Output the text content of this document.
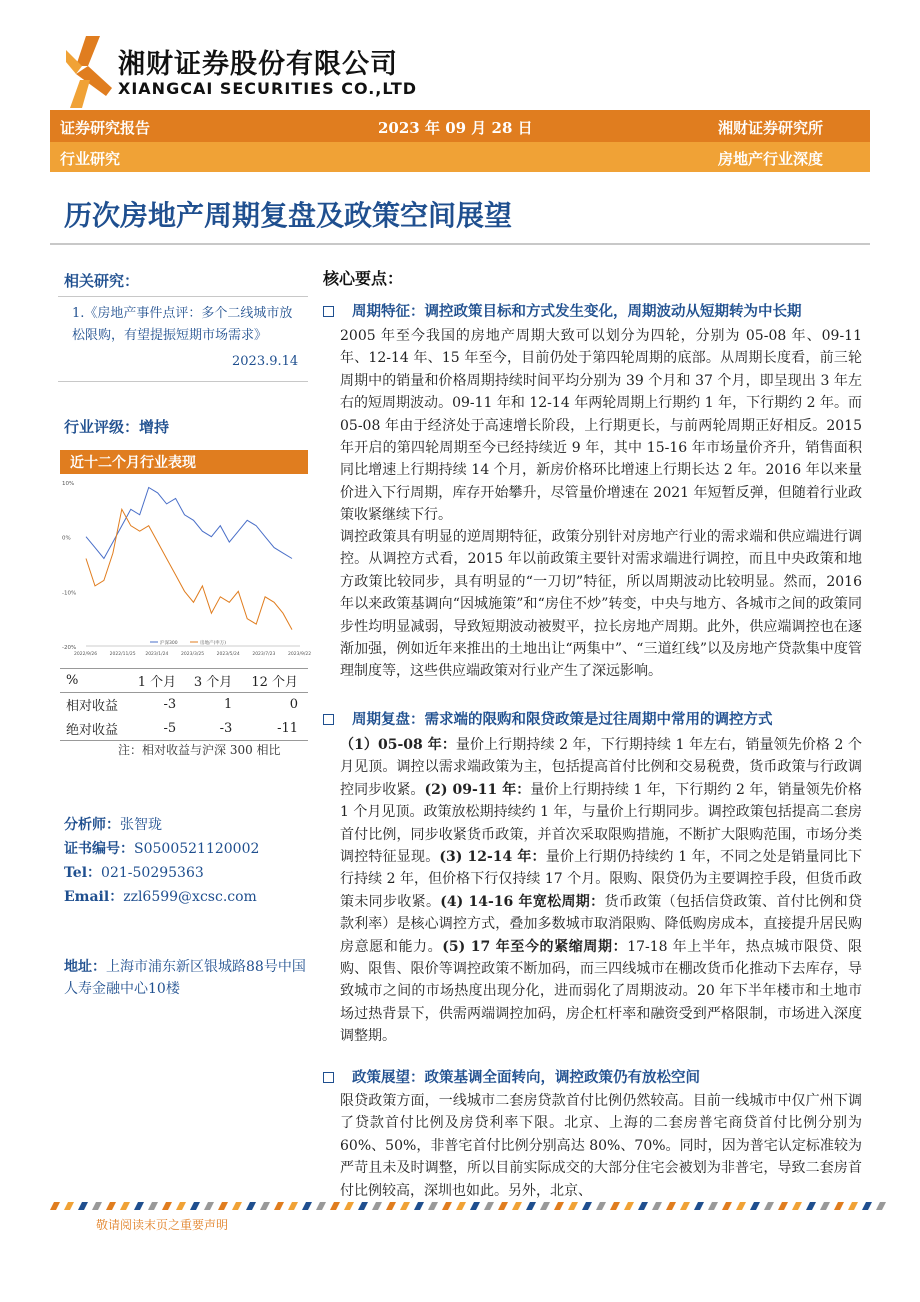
湘财证券股份有限公司
XIANGCAI SECURITIES CO.,LTD
证券研究报告	2023 年 09 月 28 日	湘财证券研究所
行业研究	房地产行业深度
历次房地产周期复盘及政策空间展望
相关研究：
1.《房地产事件点评：多个二线城市放松限购，有望提振短期市场需求》
2023.9.14
行业评级：增持
近十二个月行业表现
10%
0%
-10%
-20%
2022/9/26	2022/11/25 2023/1/24	2023/3/25	2023/5/24	2023/7/23	2023/9/22
沪深300	房地产(申万)
%	1 个月	3 个月	12 个月
相对收益	-3	1	0
绝对收益	-5	-3	-11
注：相对收益与沪深 300 相比
分析师：张智珑
证书编号：S0500521120002
Tel：021-50295363
Email：zzl6599@xcsc.com
地址：上海市浦东新区银城路88号中国人寿金融中心10楼
核心要点：
周期特征：调控政策目标和方式发生变化，周期波动从短期转为中长期
2005 年至今我国的房地产周期大致可以划分为四轮，分别为 05-08 年、09-11 年、12-14 年、15 年至今，目前仍处于第四轮周期的底部。从周期长度看，前三轮周期中的销量和价格周期持续时间平均分别为 39 个月和 37 个月，即呈现出 3 年左右的短周期波动。09-11 年和 12-14 年两轮周期上行期约 1 年，下行期约 2 年。而 05-08 年由于经济处于高速增长阶段，上行期更长，与前两轮周期正好相反。2015 年开启的第四轮周期至今已经持续近 9 年，其中 15-16 年市场量价齐升，销售面积同比增速上行期持续 14 个月，新房价格环比增速上行期长达 2 年。2016 年以来量价进入下行周期，库存开始攀升，尽管量价增速在 2021 年短暂反弹，但随着行业政策收紧继续下行。
调控政策具有明显的逆周期特征，政策分别针对房地产行业的需求端和供应端进行调控。从调控方式看，2015 年以前政策主要针对需求端进行调控，而且中央政策和地方政策比较同步，具有明显的“一刀切”特征，所以周期波动比较明显。然而，2016 年以来政策基调向“因城施策”和“房住不炒”转变，中央与地方、各城市之间的政策同步性均明显减弱，导致短期波动被熨平，拉长房地产周期。此外，供应端调控也在逐渐加强，例如近年来推出的土地出让“两集中”、“三道红线”以及房地产贷款集中度管理制度等，这些供应端政策对行业产生了深远影响。
周期复盘：需求端的限购和限贷政策是过往周期中常用的调控方式
（1）05-08 年：量价上行期持续 2 年，下行期持续 1 年左右，销量领先价格 2 个月见顶。调控以需求端政策为主，包括提高首付比例和交易税费，货币政策与行政调控同步收紧。(2) 09-11 年：量价上行期持续 1 年，下行期约 2 年，销量领先价格 1 个月见顶。政策放松期持续约 1 年，与量价上行期同步。调控政策包括提高二套房首付比例，同步收紧货币政策，并首次采取限购措施，不断扩大限购范围，市场分类调控特征显现。(3) 12-14 年：量价上行期仍持续约 1 年，不同之处是销量同比下行持续 2 年，但价格下行仅持续 17 个月。限购、限贷仍为主要调控手段，但货币政策未同步收紧。(4) 14-16 年宽松周期：货币政策（包括信贷政策、首付比例和贷款利率）是核心调控方式，叠加多数城市取消限购、降低购房成本，直接提升居民购房意愿和能力。(5) 17 年至今的紧缩周期：17-18 年上半年，热点城市限贷、限购、限售、限价等调控政策不断加码，而三四线城市在棚改货币化推动下去库存，导致城市之间的市场热度出现分化，进而弱化了周期波动。20 年下半年楼市和土地市场过热背景下，供需两端调控加码，房企杠杆率和融资受到严格限制，市场进入深度调整期。
政策展望：政策基调全面转向，调控政策仍有放松空间
限贷政策方面，一线城市二套房贷款首付比例仍然较高。目前一线城市中仅广州下调了贷款首付比例及房贷利率下限。北京、上海的二套房普宅商贷首付比例分别为 60%、50%，非普宅首付比例分别高达 80%、70%。同时，因为普宅认定标准较为严苛且未及时调整，所以目前实际成交的大部分住宅会被划为非普宅，导致二套房首付比例较高，深圳也如此。另外，北京、
敬请阅读末页之重要声明
